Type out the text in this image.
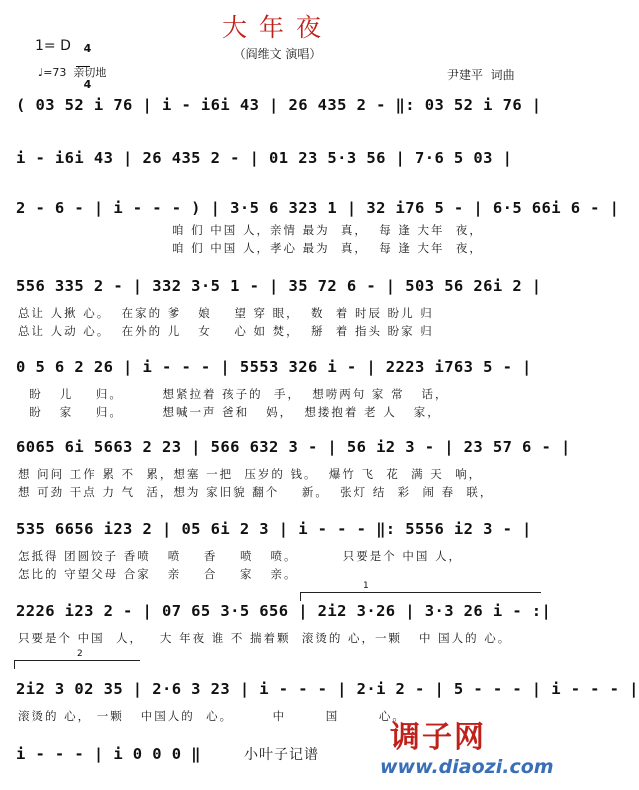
大年夜
（阎维文 演唱）
1= D	4

4

♩=73  亲切地	尹建平  词曲
( 03 52 i 76 | i - i6i 43 | 26 435 2 - ‖: 03 52 i 76 |
i - i6i 43 | 26 435 2 - | 01 23 5·3 56 | 7·6 5 03 |
2 - 6 - | i - - - ) | 3·5 6 323 1 | 32 i76 5 - | 6·5 66i 6 - |
咱 们 中国 人，亲情 最为  真，  每 逢 大年  夜，
咱 们 中国 人，孝心 最为  真，  每 逢 大年  夜，
556 335 2 - | 332 3·5 1 - | 35 72 6 - | 503 56 26i 2 |
总让 人揪 心。  在家的 爹   娘    望 穿 眼，  数  着 时辰 盼儿 归
总让 人动 心。  在外的 儿   女    心 如 焚，  掰  着 指头 盼家 归
0 5 6 2 26 | i - - - | 5553 326 i - | 2223 i763 5 - |
盼   儿    归。       想紧拉着 孩子的  手，  想唠两句 家 常   话，
盼   家    归。       想喊一声 爸和   妈，  想搂抱着 老 人   家，
6065 6i 5663 2 23 | 566 632 3 - | 56 i2 3 - | 23 57 6 - |
想 问问 工作 累 不  累，想塞 一把  压岁的 钱。  爆竹 飞  花  满 天  响，
想 可劲 干点 力 气  活，想为 家旧貌 翻个    新。  张灯 结  彩  闹 春  联，
535 6656 i23 2 | 05 6i 2 3 | i - - - ‖: 5556 i2 3 - |
怎抵得 团圆饺子 香喷   喷    香    喷   喷。        只要是个 中国 人，
怎比的 守望父母 合家   亲    合    家   亲。
1
2226 i23 2 - | 07 65 3·5 656 | 2i2 3·26 | 3·3 26 i - :|
只要是个 中国  人，   大 年夜 谁 不 揣着颗  滚烫的 心，一颗   中 国人的 心。
2
2i2 3 02 35 | 2·6 3 23 | i - - - | 2·i 2 - | 5 - - - | i - - - |
滚烫的 心， 一颗   中国人的  心。       中       国       心。
i - - - | i 0 0 0 ‖	小叶子记谱 调子网
www.diaozi.com
